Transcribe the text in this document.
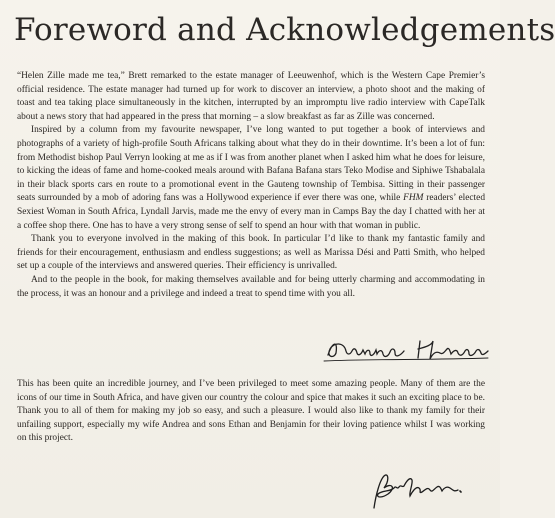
Foreword and Acknowledgements

“Helen Zille made me tea,” Brett remarked to the estate manager of Leeuwenhof, which is the Western Cape Premier’s official residence. The estate manager had turned up for work to discover an interview, a photo shoot and the making of toast and tea taking place simultaneously in the kitchen, interrupted by an impromptu live radio interview with CapeTalk about a news story that had appeared in the press that morning – a slow breakfast as far as Zille was concerned.

Inspired by a column from my favourite newspaper, I’ve long wanted to put together a book of interviews and photographs of a variety of high-profile South Africans talking about what they do in their downtime. It’s been a lot of fun: from Methodist bishop Paul Verryn looking at me as if I was from another planet when I asked him what he does for leisure, to kicking the ideas of fame and home-cooked meals around with Bafana Bafana stars Teko Modise and Siphiwe Tshabalala in their black sports cars en route to a promotional event in the Gauteng township of Tembisa. Sitting in their passenger seats surrounded by a mob of adoring fans was a Hollywood experience if ever there was one, while FHM readers’ elected Sexiest Woman in South Africa, Lyndall Jarvis, made me the envy of every man in Camps Bay the day I chatted with her at a coffee shop there. One has to have a very strong sense of self to spend an hour with that woman in public.

Thank you to everyone involved in the making of this book. In particular I’d like to thank my fantastic family and friends for their encouragement, enthusiasm and endless suggestions; as well as Marissa Dési and Patti Smith, who helped set up a couple of the interviews and answered queries. Their efficiency is unrivalled.

And to the people in the book, for making themselves available and for being utterly charming and accommodating in the process, it was an honour and a privilege and indeed a treat to spend time with you all.

This has been quite an incredible journey, and I’ve been privileged to meet some amazing people. Many of them are the icons of our time in South Africa, and have given our country the colour and spice that makes it such an exciting place to be. Thank you to all of them for making my job so easy, and such a pleasure. I would also like to thank my family for their unfailing support, especially my wife Andrea and sons Ethan and Benjamin for their loving patience whilst I was working on this project.
